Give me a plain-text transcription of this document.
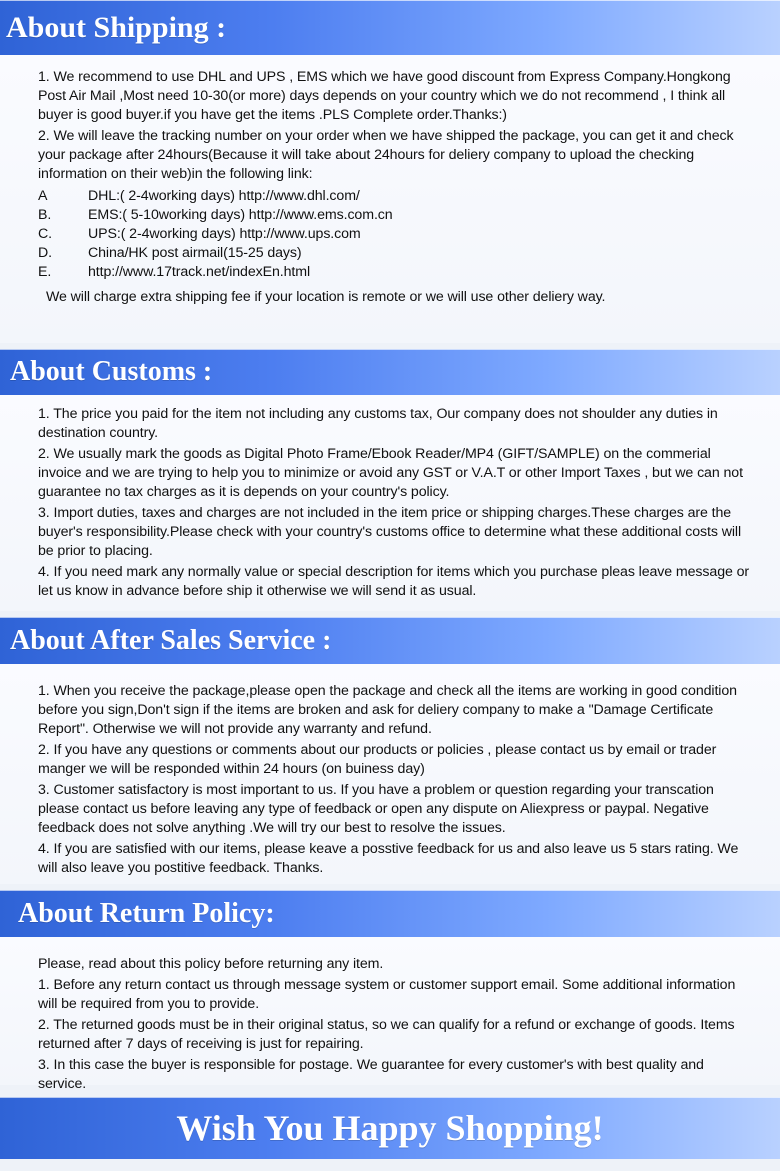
About Shipping :
1. We recommend to use DHL and UPS , EMS which we have good discount from Express Company.Hongkong Post Air Mail ,Most need 10-30(or more) days depends on your country which we do not recommend , I think all buyer is good buyer.if you have get the items .PLS Complete order.Thanks:)
2. We will leave the tracking number on your order when we have shipped the package, you can get it and check your package after 24hours(Because it will take about 24hours for deliery company to upload the checking information on their web)in the following link:
A	DHL:( 2-4working days) http://www.dhl.com/
B.	EMS:( 5-10working days) http://www.ems.com.cn
C.	UPS:( 2-4working days) http://www.ups.com
D.	China/HK post airmail(15-25 days)
E.	http://www.17track.net/indexEn.html
We will charge extra shipping fee if your location is remote or we will use other deliery way.
About Customs :
1. The price you paid for the item not including any customs tax, Our company does not shoulder any duties in destination country.
2. We usually mark the goods as Digital Photo Frame/Ebook Reader/MP4 (GIFT/SAMPLE) on the commerial invoice and we are trying to help you to minimize or avoid any GST or V.A.T or other Import Taxes , but we can not guarantee no tax charges as it is depends on your country's policy.
3. Import duties, taxes and charges are not included in the item price or shipping charges.These charges are the buyer's responsibility.Please check with your country's customs office to determine what these additional costs will be prior to placing.
4. If you need mark any normally value or special description for items which you purchase pleas leave message or let us know in advance before ship it otherwise we will send it as usual.
About After Sales Service :
1. When you receive the package,please open the package and check all the items are working in good condition before you sign,Don't sign if the items are broken and ask for deliery company to make a "Damage Certificate Report". Otherwise we will not provide any warranty and refund.
2. If you have any questions or comments about our products or policies , please contact us by email or trader manger we will be responded within 24 hours (on buiness day)
3. Customer satisfactory is most important to us. If you have a problem or question regarding your transcation please contact us before leaving any type of feedback or open any dispute on Aliexpress or paypal. Negative feedback does not solve anything .We will try our best to resolve the issues.
4. If you are satisfied with our items, please keave a posstive feedback for us and also leave us 5 stars rating. We will also leave you postitive feedback. Thanks.
About Return Policy:
Please, read about this policy before returning any item.
1. Before any return contact us through message system or customer support email. Some additional information will be required from you to provide.
2. The returned goods must be in their original status, so we can qualify for a refund or exchange of goods. Items returned after 7 days of receiving is just for repairing.
3. In this case the buyer is responsible for postage. We guarantee for every customer's with best quality and service.
Wish You Happy Shopping!
